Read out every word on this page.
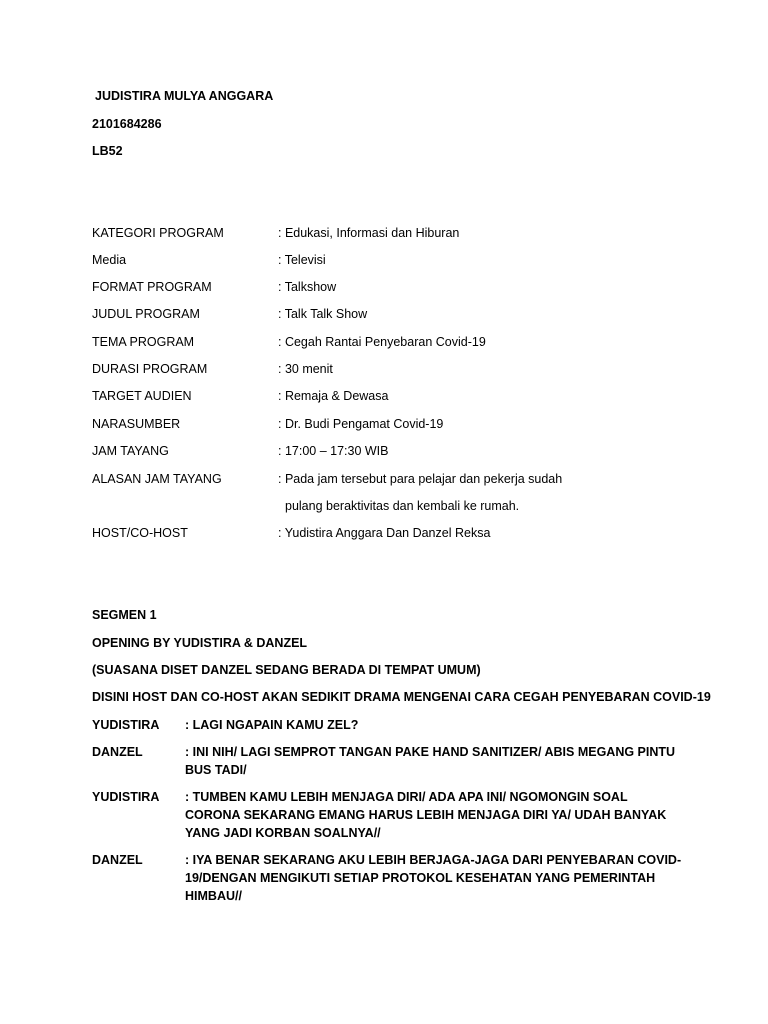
JUDISTIRA MULYA ANGGARA
2101684286
LB52
KATEGORI PROGRAM	: Edukasi, Informasi dan Hiburan
Media	: Televisi
FORMAT PROGRAM	: Talkshow
JUDUL PROGRAM	: Talk Talk Show
TEMA PROGRAM	: Cegah Rantai Penyebaran Covid-19
DURASI PROGRAM	: 30 menit
TARGET AUDIEN	: Remaja & Dewasa
NARASUMBER	: Dr. Budi Pengamat Covid-19
JAM TAYANG	: 17:00 – 17:30 WIB
ALASAN JAM TAYANG	: Pada jam tersebut para pelajar dan pekerja sudah
pulang beraktivitas dan kembali ke rumah.
HOST/CO-HOST	: Yudistira Anggara Dan Danzel Reksa
SEGMEN 1
OPENING BY YUDISTIRA & DANZEL
(SUASANA DISET DANZEL SEDANG BERADA DI TEMPAT UMUM)
DISINI HOST DAN CO-HOST AKAN SEDIKIT DRAMA MENGENAI CARA CEGAH PENYEBARAN COVID-19
YUDISTIRA : LAGI NGAPAIN KAMU ZEL?
DANZEL	: INI NIH/ LAGI SEMPROT TANGAN PAKE HAND SANITIZER/ ABIS MEGANG PINTU BUS TADI/
YUDISTIRA : TUMBEN KAMU LEBIH MENJAGA DIRI/ ADA APA INI/ NGOMONGIN SOAL CORONA SEKARANG EMANG HARUS LEBIH MENJAGA DIRI YA/ UDAH BANYAK YANG JADI KORBAN SOALNYA//
DANZEL	: IYA BENAR SEKARANG AKU LEBIH BERJAGA-JAGA DARI PENYEBARAN COVID-19/DENGAN MENGIKUTI SETIAP PROTOKOL KESEHATAN YANG PEMERINTAH HIMBAU//
